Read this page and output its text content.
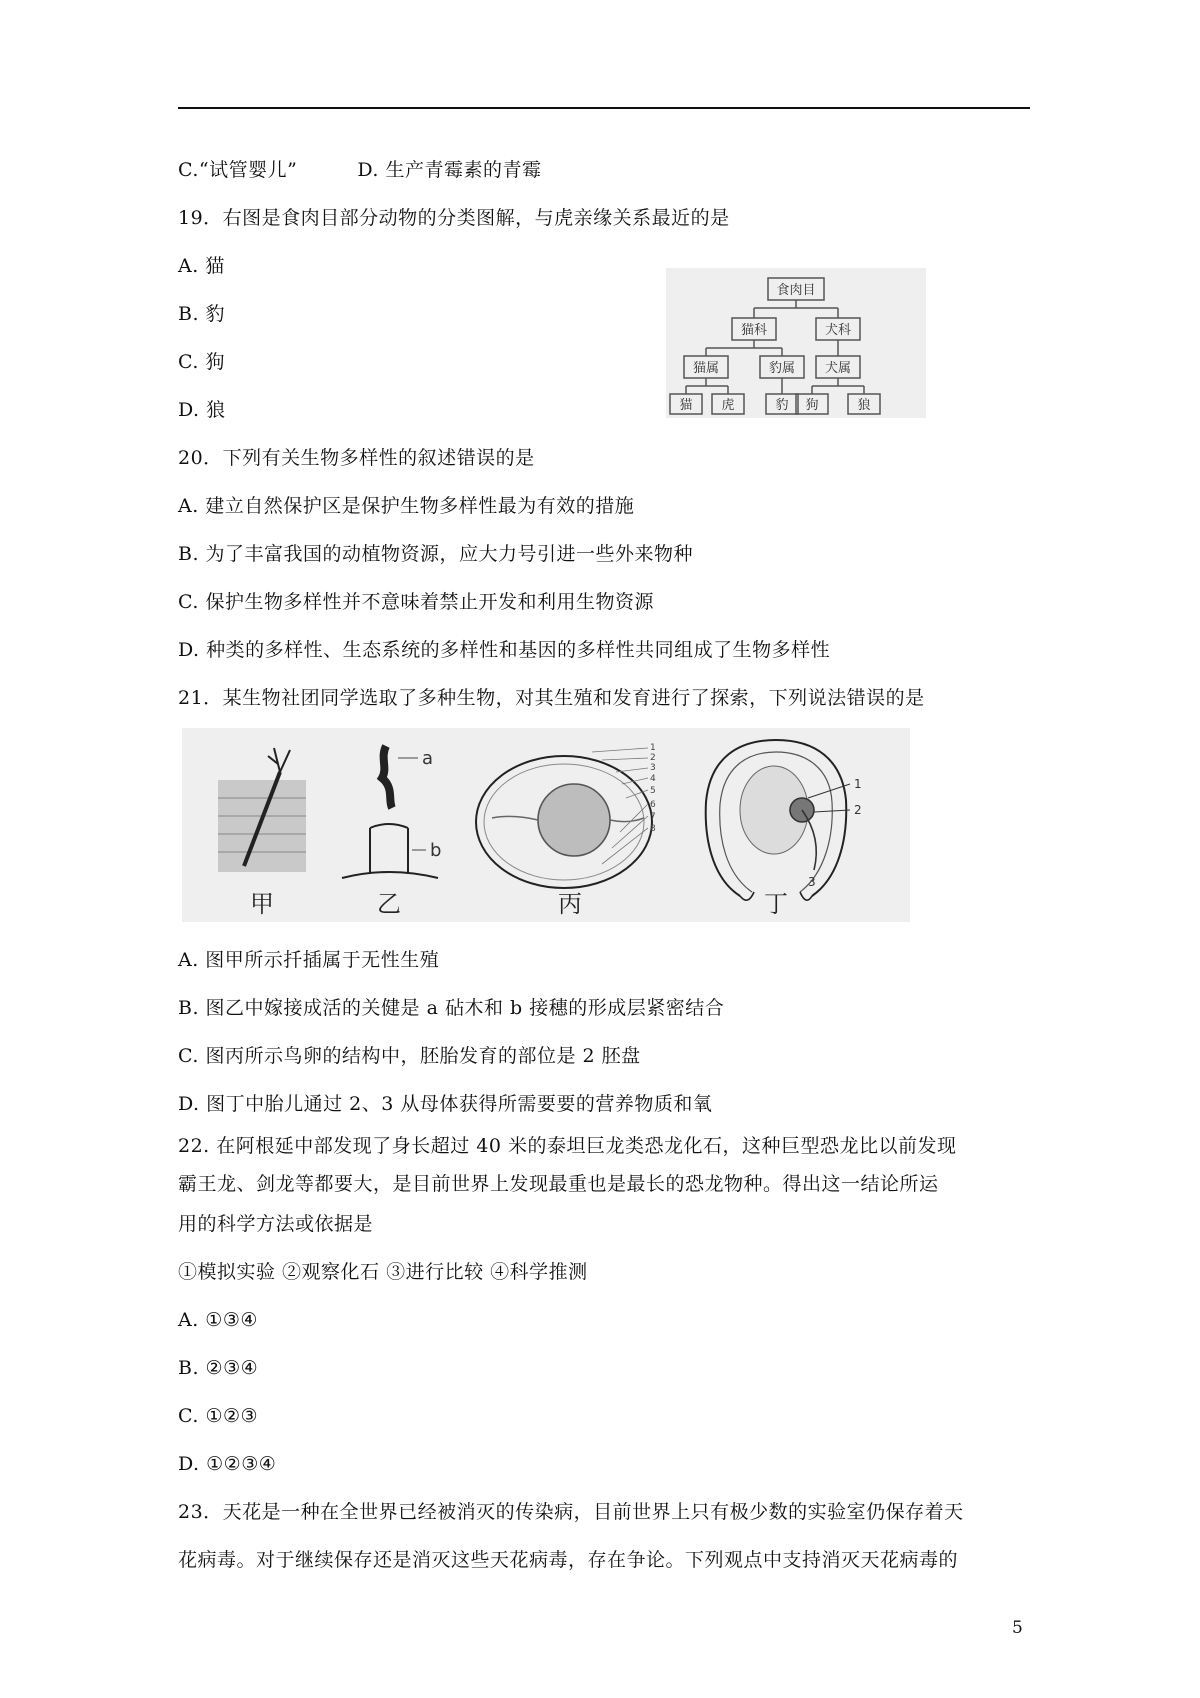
C.“试管婴儿”	D. 生产青霉素的青霉
19．右图是食肉目部分动物的分类图解，与虎亲缘关系最近的是
A. 猫
B. 豹
C. 狗
D. 狼
食肉目
猫科	犬科
猫属	豹属 犬属
猫 虎	豹 狗	狼
20．下列有关生物多样性的叙述错误的是
A. 建立自然保护区是保护生物多样性最为有效的措施
B. 为了丰富我国的动植物资源，应大力号引进一些外来物种
C. 保护生物多样性并不意味着禁止开发和利用生物资源
D. 种类的多样性、生态系统的多样性和基因的多样性共同组成了生物多样性
21．某生物社团同学选取了多种生物，对其生殖和发育进行了探索，下列说法错误的是
a
b
1
2
3
4
5
6
7
8
1
2
3
甲	乙	丙	丁
A. 图甲所示扦插属于无性生殖
B. 图乙中嫁接成活的关健是 a 砧木和 b 接穗的形成层紧密结合
C. 图丙所示鸟卵的结构中，胚胎发育的部位是 2 胚盘
D. 图丁中胎儿通过 2、3 从母体获得所需要要的营养物质和氧
22. 在阿根延中部发现了身长超过 40 米的泰坦巨龙类恐龙化石，这种巨型恐龙比以前发现
霸王龙、剑龙等都要大，是目前世界上发现最重也是最长的恐龙物种。得出这一结论所运
用的科学方法或依据是
①模拟实验 ②观察化石 ③进行比较 ④科学推测
A. ①③④
B. ②③④
C. ①②③
D. ①②③④
23．天花是一种在全世界已经被消灭的传染病，目前世界上只有极少数的实验室仍保存着天
花病毒。对于继续保存还是消灭这些天花病毒，存在争论。下列观点中支持消灭天花病毒的
5
